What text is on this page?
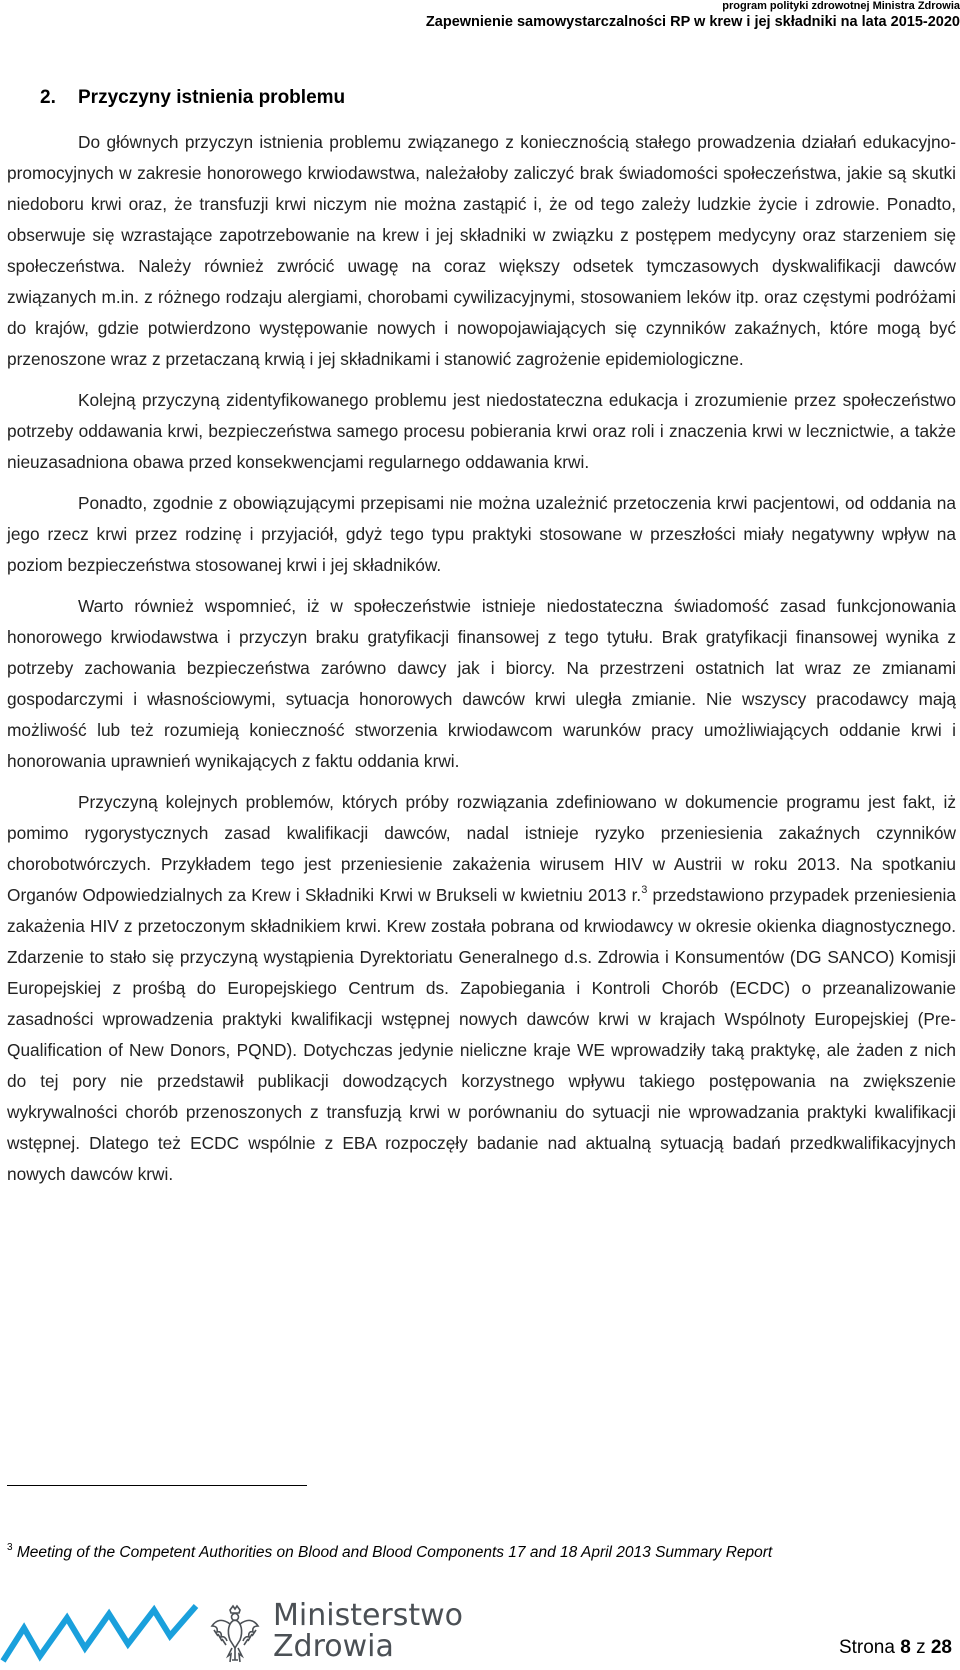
program polityki zdrowotnej Ministra Zdrowia
Zapewnienie samowystarczalności RP w krew i jej składniki na lata 2015-2020
2. Przyczyny istnienia problemu

Do głównych przyczyn istnienia problemu związanego z koniecznością stałego prowadzenia działań edukacyjno-promocyjnych w zakresie honorowego krwiodawstwa, należałoby zaliczyć brak świadomości społeczeństwa, jakie są skutki niedoboru krwi oraz, że transfuzji krwi niczym nie można zastąpić i, że od tego zależy ludzkie życie i zdrowie. Ponadto, obserwuje się wzrastające zapotrzebowanie na krew i jej składniki w związku z postępem medycyny oraz starzeniem się społeczeństwa. Należy również zwrócić uwagę na coraz większy odsetek tymczasowych dyskwalifikacji dawców związanych m.in. z różnego rodzaju alergiami, chorobami cywilizacyjnymi, stosowaniem leków itp. oraz częstymi podróżami do krajów, gdzie potwierdzono występowanie nowych i nowopojawiających się czynników zakaźnych, które mogą być przenoszone wraz z przetaczaną krwią i jej składnikami i stanowić zagrożenie epidemiologiczne.

Kolejną przyczyną zidentyfikowanego problemu jest niedostateczna edukacja i zrozumienie przez społeczeństwo potrzeby oddawania krwi, bezpieczeństwa samego procesu pobierania krwi oraz roli i znaczenia krwi w lecznictwie, a także nieuzasadniona obawa przed konsekwencjami regularnego oddawania krwi.

Ponadto, zgodnie z obowiązującymi przepisami nie można uzależnić przetoczenia krwi pacjentowi, od oddania na jego rzecz krwi przez rodzinę i przyjaciół, gdyż tego typu praktyki stosowane w przeszłości miały negatywny wpływ na poziom bezpieczeństwa stosowanej krwi i jej składników.

Warto również wspomnieć, iż w społeczeństwie istnieje niedostateczna świadomość zasad funkcjonowania honorowego krwiodawstwa i przyczyn braku gratyfikacji finansowej z tego tytułu. Brak gratyfikacji finansowej wynika z potrzeby zachowania bezpieczeństwa zarówno dawcy jak i biorcy. Na przestrzeni ostatnich lat wraz ze zmianami gospodarczymi i własnościowymi, sytuacja honorowych dawców krwi uległa zmianie. Nie wszyscy pracodawcy mają możliwość lub też rozumieją konieczność stworzenia krwiodawcom warunków pracy umożliwiających oddanie krwi i honorowania uprawnień wynikających z faktu oddania krwi.

Przyczyną kolejnych problemów, których próby rozwiązania zdefiniowano w dokumencie programu jest fakt, iż pomimo rygorystycznych zasad kwalifikacji dawców, nadal istnieje ryzyko przeniesienia zakaźnych czynników chorobotwórczych. Przykładem tego jest przeniesienie zakażenia wirusem HIV w Austrii w roku 2013. Na spotkaniu Organów Odpowiedzialnych za Krew i Składniki Krwi w Brukseli w kwietniu 2013 r.$^3$ przedstawiono przypadek przeniesienia zakażenia HIV z przetoczonym składnikiem krwi. Krew została pobrana od krwiodawcy w okresie okienka diagnostycznego. Zdarzenie to stało się przyczyną wystąpienia Dyrektoriatu Generalnego d.s. Zdrowia i Konsumentów (DG SANCO) Komisji Europejskiej z prośbą do Europejskiego Centrum ds. Zapobiegania i Kontroli Chorób (ECDC) o przeanalizowanie zasadności wprowadzenia praktyki kwalifikacji wstępnej nowych dawców krwi w krajach Wspólnoty Europejskiej (Pre-Qualification of New Donors, PQND). Dotychczas jedynie nieliczne kraje WE wprowadziły taką praktykę, ale żaden z nich do tej pory nie przedstawił publikacji dowodzących korzystnego wpływu takiego postępowania na zwiększenie wykrywalności chorób przenoszonych z transfuzją krwi w porównaniu do sytuacji nie wprowadzania praktyki kwalifikacji wstępnej. Dlatego też ECDC wspólnie z EBA rozpoczęły badanie nad aktualną sytuacją badań przedkwalifikacyjnych nowych dawców krwi.

$^3$ Meeting of the Competent Authorities on Blood and Blood Components 17 and 18 April 2013 Summary Report
Ministerstwo
Zdrowia	Strona 8 z 28
